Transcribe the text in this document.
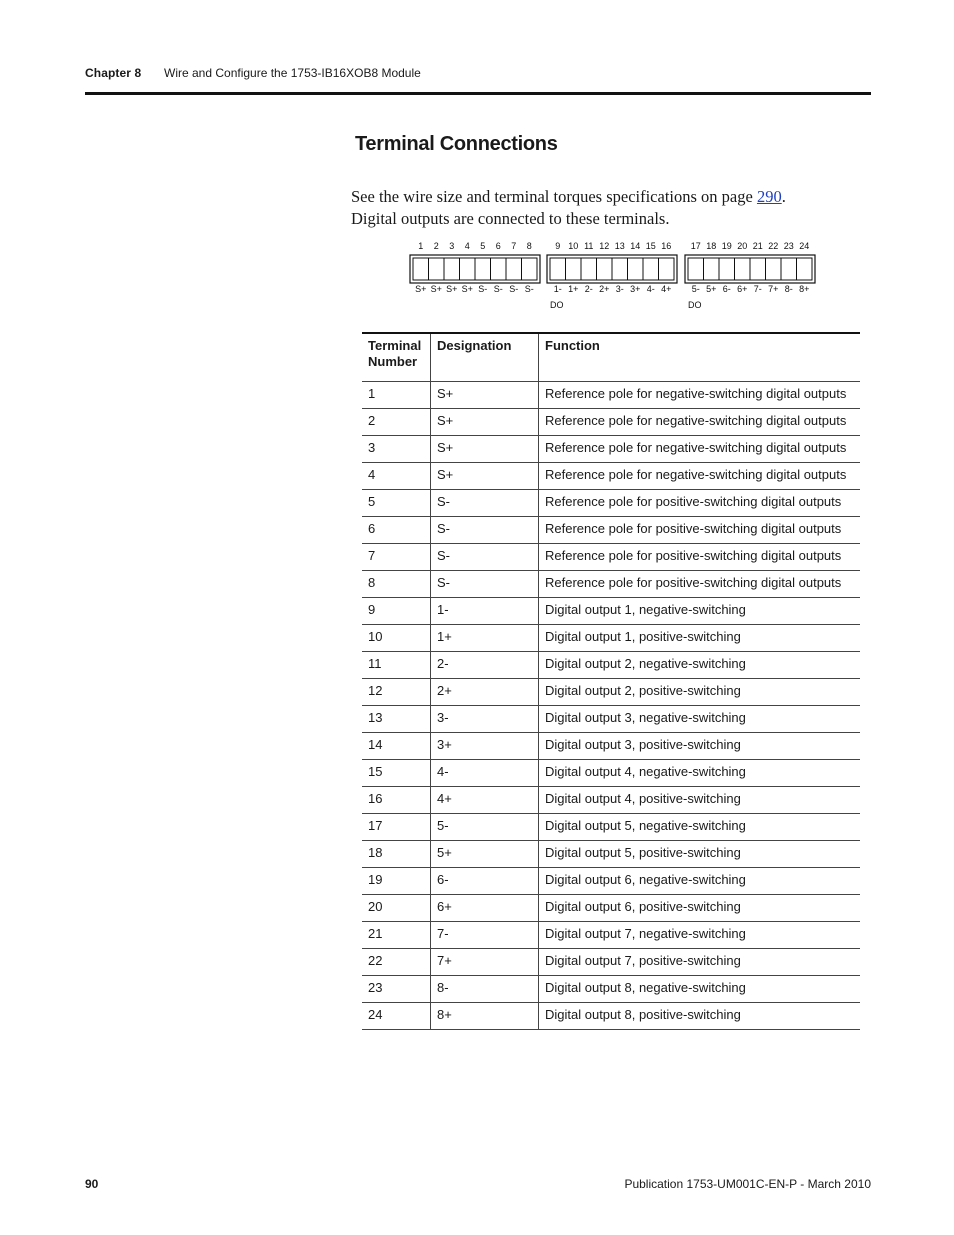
Chapter 8 Wire and Configure the 1753-IB16XOB8 Module
Terminal Connections

See the wire size and terminal torques specifications on page 290.

Digital outputs are connected to these terminals.

1
S+
2
S+
3
S+
4
S+
5
S-
6
S-
7
S-
8
S-
9
1-
10
1+
11
2-
12
2+
13
3-
14
3+
15
4-
16
4+
DO
17
5-
18
5+
19
6-
20
6+
21
7-
22
7+
23
8-
24
8+
DO
Terminal
Number	Designation	Function
1	S+	Reference pole for negative-switching digital outputs
2	S+	Reference pole for negative-switching digital outputs
3	S+	Reference pole for negative-switching digital outputs
4	S+	Reference pole for negative-switching digital outputs
5	S-	Reference pole for positive-switching digital outputs
6	S-	Reference pole for positive-switching digital outputs
7	S-	Reference pole for positive-switching digital outputs
8	S-	Reference pole for positive-switching digital outputs
9	1-	Digital output 1, negative-switching
10	1+	Digital output 1, positive-switching
11	2-	Digital output 2, negative-switching
12	2+	Digital output 2, positive-switching
13	3-	Digital output 3, negative-switching
14	3+	Digital output 3, positive-switching
15	4-	Digital output 4, negative-switching
16	4+	Digital output 4, positive-switching
17	5-	Digital output 5, negative-switching
18	5+	Digital output 5, positive-switching
19	6-	Digital output 6, negative-switching
20	6+	Digital output 6, positive-switching
21	7-	Digital output 7, negative-switching
22	7+	Digital output 7, positive-switching
23	8-	Digital output 8, negative-switching
24	8+	Digital output 8, positive-switching
90	Publication 1753-UM001C-EN-P - March 2010
